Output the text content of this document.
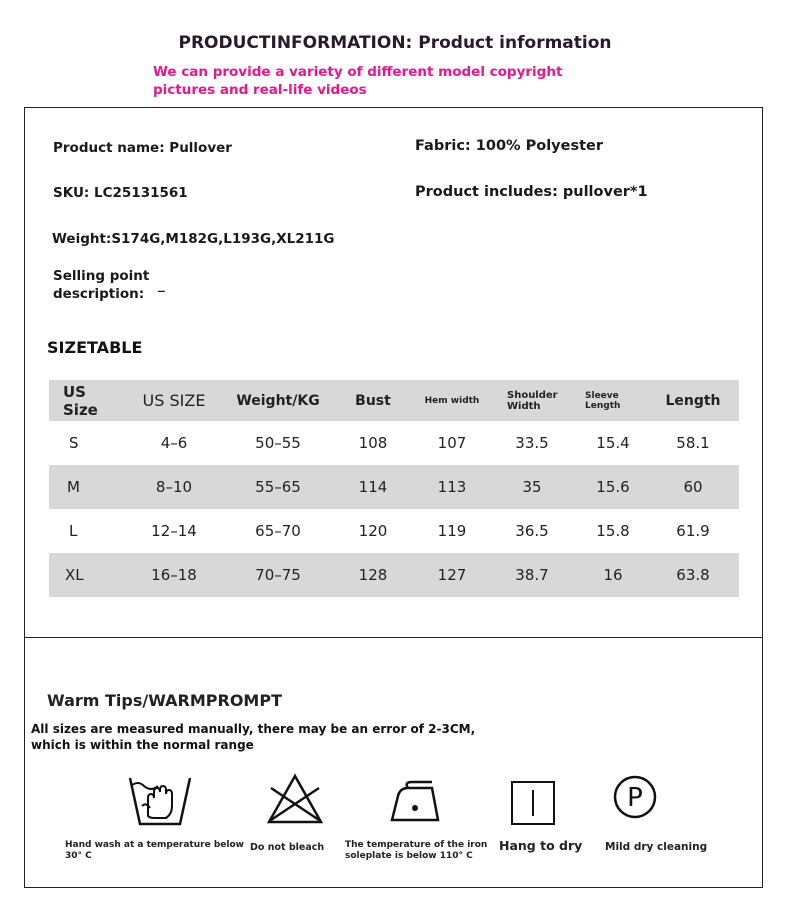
PRODUCTINFORMATION: Product information
We can provide a variety of different model copyright
pictures and real-life videos
Product name: Pullover	Fabric: 100% Polyester
SKU: LC25131561	Product includes: pullover*1
Weight:S174G,M182G,L193G,XL211G
Selling point
description:
_
SIZETABLE
US Size	US SIZE	Weight/KG	Bust	Hem width	Shoulder Width	Sleeve Length	Length
S	4–6	50–55	108	107	33.5	15.4	58.1
M	8–10	55–65	114	113	35	15.6	60
L	12–14	65–70	120	119	36.5	15.8	61.9
XL	16–18	70–75	128	127	38.7	16	63.8
Warm Tips/WARMPROMPT
All sizes are measured manually, there may be an error of 2-3CM,
which is within the normal range
P
Hand wash at a temperature below
30° C
Do not bleach The temperature of the iron
soleplate is below 110° C
Hang to dry Mild dry cleaning
